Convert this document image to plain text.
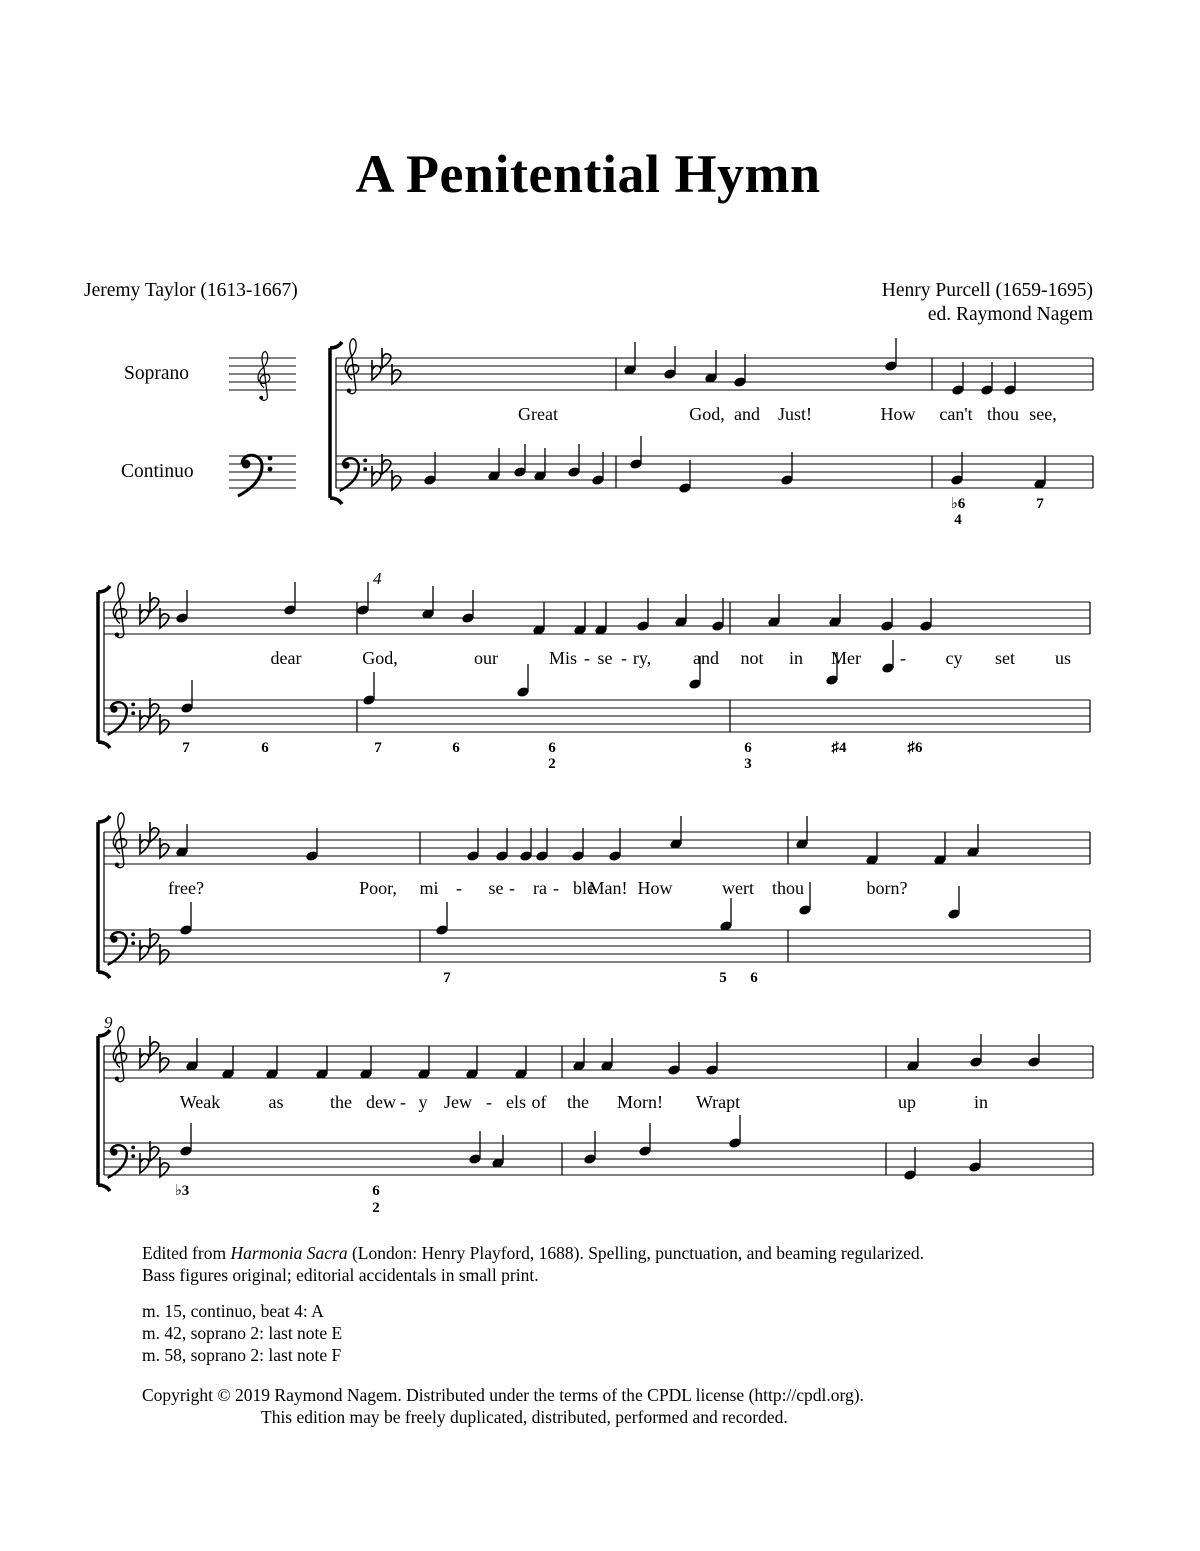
A Penitential Hymn
Jeremy Taylor (1613-1667)	Henry Purcell (1659-1695)
ed. Raymond Nagem
Soprano
Continuo
Great	God, and Just!	How can't thou see,
♭6
4
7
4
dear	God,	our	Mis - se - ry, and not in Mer - cy set us
7	6	7	6	6
2
6
3
♯4	♯6
free?	Poor, mi - se - ra - ble
Man! How	wert thou	born?
7	5 6
9
Weak	as	the dew - y Jew - els of the Morn! Wrapt	up	in
♭3	6
2

Edited from Harmonia Sacra (London: Henry Playford, 1688). Spelling, punctuation, and beaming regularized.

Bass figures original; editorial accidentals in small print.

m. 15, continuo, beat 4: A

m. 42, soprano 2: last note E

m. 58, soprano 2: last note F

Copyright © 2019 Raymond Nagem. Distributed under the terms of the CPDL license (http://cpdl.org).
This edition may be freely duplicated, distributed, performed and recorded.
